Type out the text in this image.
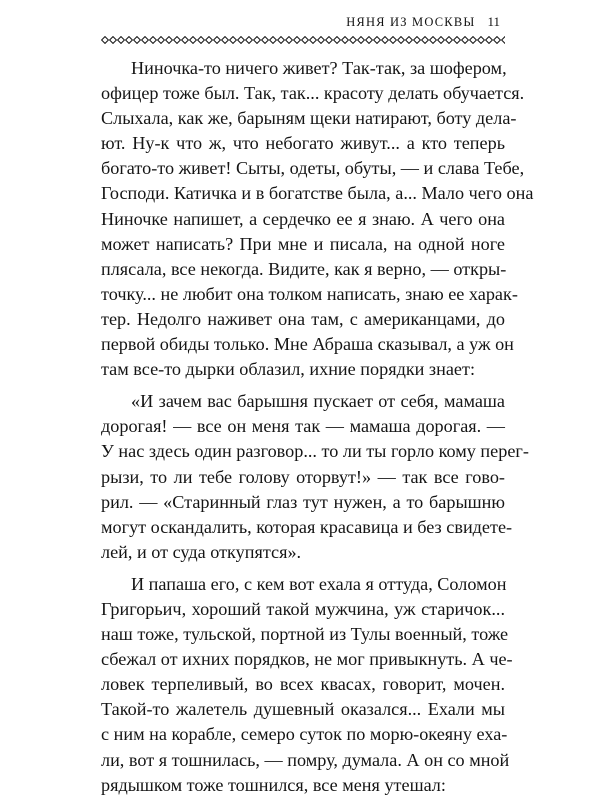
НЯНЯ ИЗ МОСКВЫ 11

Ниночка-то ничего живет? Так-так, за шофером,
офицер тоже был. Так, так... красоту делать обучается.
Слыхала, как же, барыням щеки натирают, боту дела-
ют. Ну-к что ж, что небогато живут... а кто теперь
богато-то живет! Сыты, одеты, обуты, — и слава Тебе,
Господи. Катичка и в богатстве была, а... Мало чего она
Ниночке напишет, а сердечко ее я знаю. А чего она
может написать? При мне и писала, на одной ноге
плясала, все некогда. Видите, как я верно, — откры-
точку... не любит она толком написать, знаю ее харак-
тер. Недолго наживет она там, с американцами, до
первой обиды только. Мне Абраша сказывал, а уж он
там все-то дырки облазил, ихние порядки знает:

«И зачем вас барышня пускает от себя, мамаша
дорогая! — все он меня так — мамаша дорогая. —
У нас здесь один разговор... то ли ты горло кому перег-
рызи, то ли тебе голову оторвут!» — так все гово-
рил. — «Старинный глаз тут нужен, а то барышню
могут оскандалить, которая красавица и без свидете-
лей, и от суда откупятся».

И папаша его, с кем вот ехала я оттуда, Соломон
Григорьич, хороший такой мужчина, уж старичок...
наш тоже, тульской, портной из Тулы военный, тоже
сбежал от ихних порядков, не мог привыкнуть. А че-
ловек терпеливый, во всех квасах, говорит, мочен.
Такой-то жалетель душевный оказался... Ехали мы
с ним на корабле, семеро суток по морю-океяну еха-
ли, вот я тошнилась, — помру, думала. А он со мной
рядышком тоже тошнился, все меня утешал:
